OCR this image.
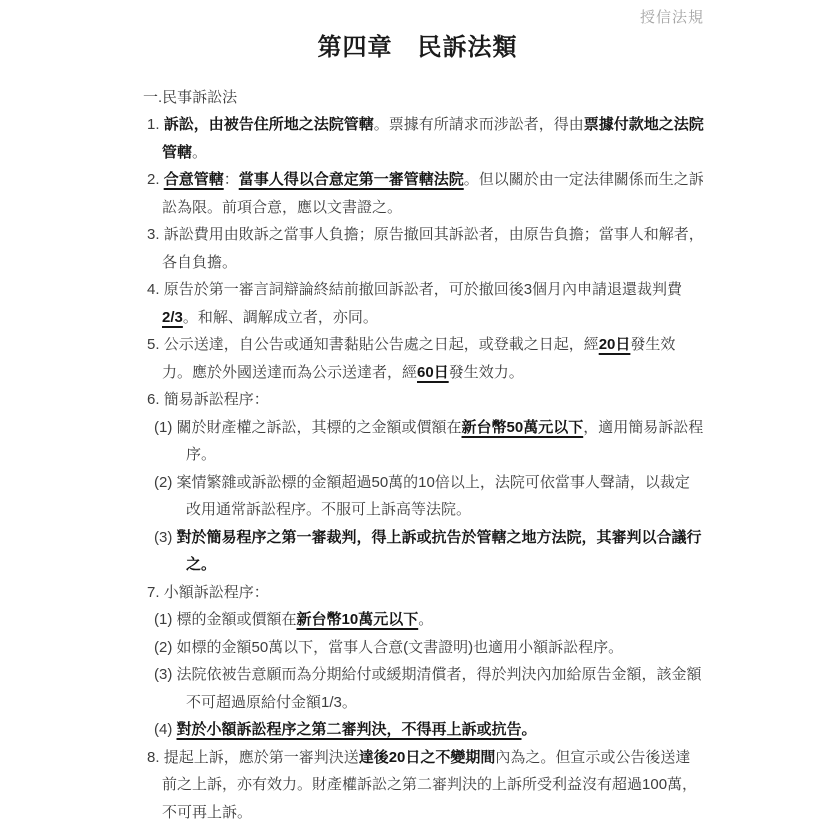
授信法規
第四章　民訴法類
一.民事訴訟法

1. 訴訟，由被告住所地之法院管轄。票據有所請求而涉訟者，得由票據付款地之法院管轄。

2. 合意管轄：當事人得以合意定第一審管轄法院。但以關於由一定法律關係而生之訴訟為限。前項合意，應以文書證之。

3. 訴訟費用由敗訴之當事人負擔；原告撤回其訴訟者，由原告負擔；當事人和解者，各自負擔。

4. 原告於第一審言詞辯論終結前撤回訴訟者，可於撤回後3個月內申請退還裁判費2/3。和解、調解成立者，亦同。

5. 公示送達，自公告或通知書黏貼公告處之日起，或登載之日起，經20日發生效力。應於外國送達而為公示送達者，經60日發生效力。

6. 簡易訴訟程序：

(1) 關於財產權之訴訟，其標的之金額或價額在新台幣50萬元以下，適用簡易訴訟程序。

(2) 案情繁雜或訴訟標的金額超過50萬的10倍以上，法院可依當事人聲請，以裁定改用通常訴訟程序。不服可上訴高等法院。

(3) 對於簡易程序之第一審裁判，得上訴或抗告於管轄之地方法院，其審判以合議行之。

7. 小額訴訟程序：

(1) 標的金額或價額在新台幣10萬元以下。

(2) 如標的金額50萬以下，當事人合意(文書證明)也適用小額訴訟程序。

(3) 法院依被告意願而為分期給付或緩期清償者，得於判決內加給原告金額，該金額不可超過原給付金額1/3。

(4) 對於小額訴訟程序之第二審判決，不得再上訴或抗告。

8. 提起上訴，應於第一審判決送達後20日之不變期間內為之。但宣示或公告後送達前之上訴，亦有效力。財產權訴訟之第二審判決的上訴所受利益沒有超過100萬，不可再上訴。
